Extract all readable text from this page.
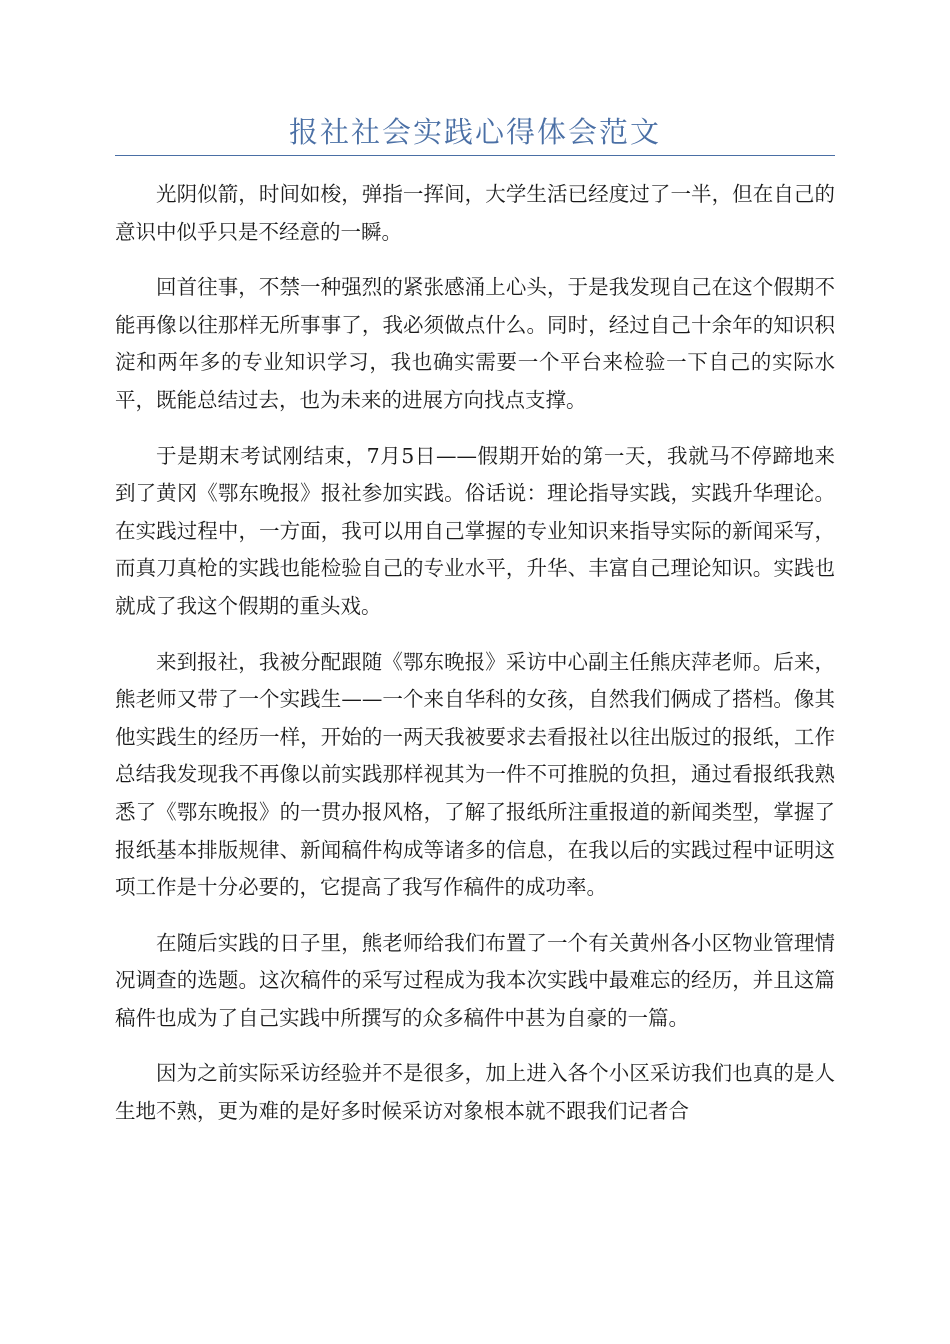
报社社会实践心得体会范文

光阴似箭，时间如梭，弹指一挥间，大学生活已经度过了一半，但在自己的意识中似乎只是不经意的一瞬。

回首往事，不禁一种强烈的紧张感涌上心头，于是我发现自己在这个假期不能再像以往那样无所事事了，我必须做点什么。同时，经过自己十余年的知识积淀和两年多的专业知识学习，我也确实需要一个平台来检验一下自己的实际水平，既能总结过去，也为未来的进展方向找点支撑。

于是期末考试刚结束，7月5日——假期开始的第一天，我就马不停蹄地来到了黄冈《鄂东晚报》报社参加实践。俗话说：理论指导实践，实践升华理论。在实践过程中，一方面，我可以用自己掌握的专业知识来指导实际的新闻采写，而真刀真枪的实践也能检验自己的专业水平，升华、丰富自己理论知识。实践也就成了我这个假期的重头戏。

来到报社，我被分配跟随《鄂东晚报》采访中心副主任熊庆萍老师。后来，熊老师又带了一个实践生——一个来自华科的女孩，自然我们俩成了搭档。像其他实践生的经历一样，开始的一两天我被要求去看报社以往出版过的报纸，工作总结我发现我不再像以前实践那样视其为一件不可推脱的负担，通过看报纸我熟悉了《鄂东晚报》的一贯办报风格，了解了报纸所注重报道的新闻类型，掌握了报纸基本排版规律、新闻稿件构成等诸多的信息，在我以后的实践过程中证明这项工作是十分必要的，它提高了我写作稿件的成功率。

在随后实践的日子里，熊老师给我们布置了一个有关黄州各小区物业管理情况调查的选题。这次稿件的采写过程成为我本次实践中最难忘的经历，并且这篇稿件也成为了自己实践中所撰写的众多稿件中甚为自豪的一篇。

因为之前实际采访经验并不是很多，加上进入各个小区采访我们也真的是人生地不熟，更为难的是好多时候采访对象根本就不跟我们记者合
